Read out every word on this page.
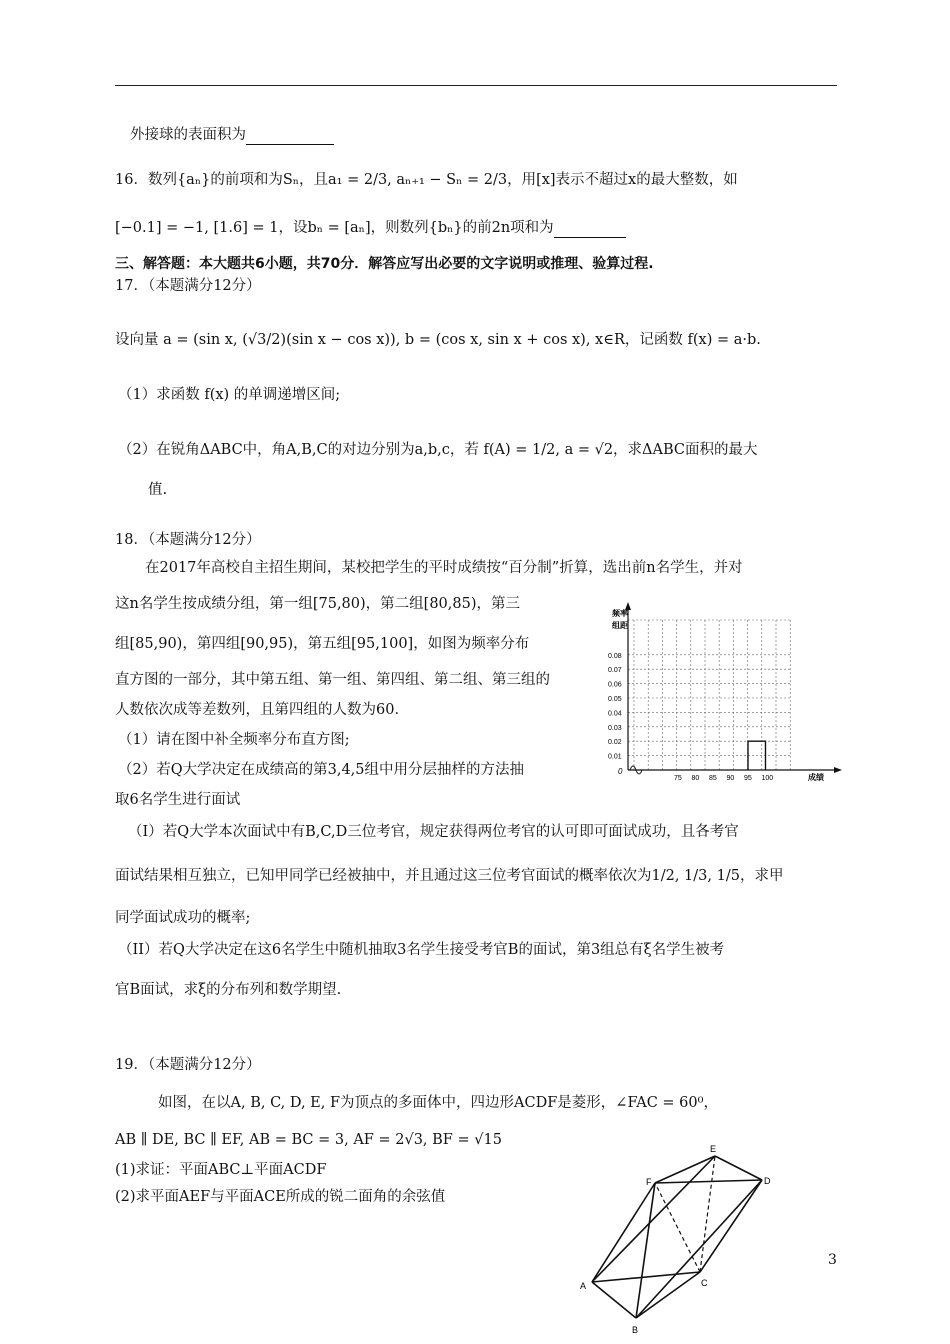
外接球的表面积为
16．数列{aₙ}的前项和为Sₙ，且a₁ = 2/3, aₙ₊₁ − Sₙ = 2/3，用[x]表示不超过x的最大整数，如
[−0.1] = −1, [1.6] = 1，设bₙ = [aₙ]，则数列{bₙ}的前2n项和为
三、解答题：本大题共6小题，共70分．解答应写出必要的文字说明或推理、验算过程.
17．（本题满分12分）
设向量 a = (sin x, (√3/2)(sin x − cos x)), b = (cos x, sin x + cos x), x∈R，记函数 f(x) = a·b.
（1）求函数 f(x) 的单调递增区间;
（2）在锐角ΔABC中，角A,B,C的对边分别为a,b,c，若 f(A) = 1/2, a = √2，求ΔABC面积的最大
值.
18．（本题满分12分）
在2017年高校自主招生期间，某校把学生的平时成绩按“百分制”折算，选出前n名学生，并对
这n名学生按成绩分组，第一组[75,80)，第二组[80,85)，第三
组[85,90)，第四组[90,95)，第五组[95,100]，如图为频率分布
直方图的一部分，其中第五组、第一组、第四组、第二组、第三组的
人数依次成等差数列，且第四组的人数为60．
（1）请在图中补全频率分布直方图;
（2）若Q大学决定在成绩高的第3,4,5组中用分层抽样的方法抽
取6名学生进行面试
（I）若Q大学本次面试中有B,C,D三位考官，规定获得两位考官的认可即可面试成功，且各考官
面试结果相互独立，已知甲同学已经被抽中，并且通过这三位考官面试的概率依次为1/2, 1/3, 1/5，求甲
同学面试成功的概率;
（II）若Q大学决定在这6名学生中随机抽取3名学生接受考官B的面试，第3组总有ξ名学生被考
官B面试，求ξ的分布列和数学期望.
频率
组距
成绩
0
0.01
0.02
0.03
0.04
0.05
0.06
0.07
0.08
75 80 85 90 95 100
19．（本题满分12分）
如图，在以A, B, C, D, E, F为顶点的多面体中，四边形ACDF是菱形，∠FAC = 60⁰，
AB ∥ DE, BC ∥ EF, AB = BC = 3, AF = 2√3, BF = √15
(1)求证：平面ABC⊥平面ACDF
(2)求平面AEF与平面ACE所成的锐二面角的余弦值
A
B
C
D
E
F
3
